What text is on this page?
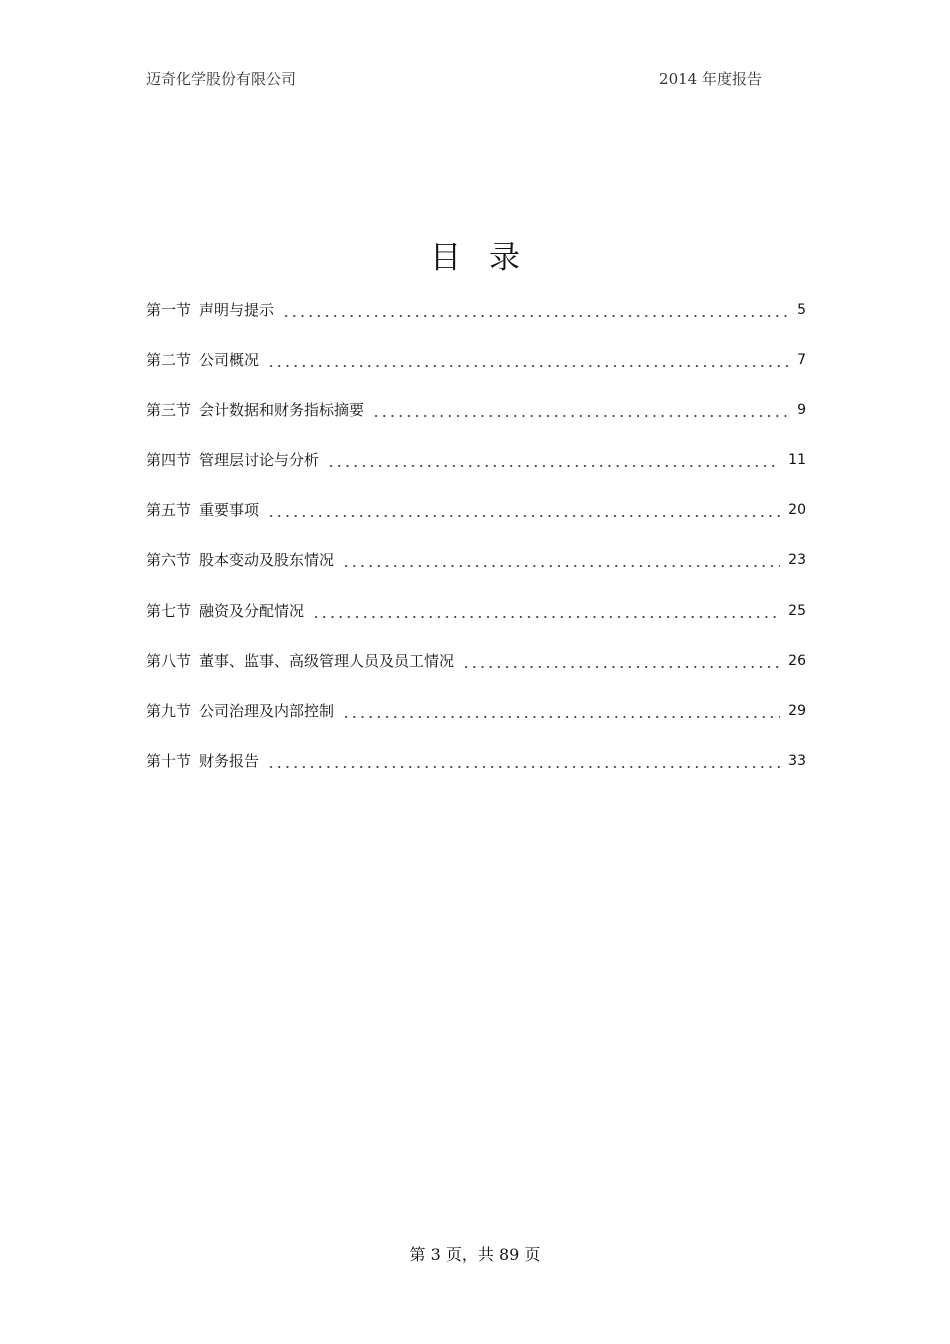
迈奇化学股份有限公司	2014 年度报告
目录
第一节 声明与提示	5
第二节 公司概况	7
第三节 会计数据和财务指标摘要	9
第四节 管理层讨论与分析	11
第五节 重要事项	20
第六节 股本变动及股东情况	23
第七节 融资及分配情况	25
第八节 董事、监事、高级管理人员及员工情况	26
第九节 公司治理及内部控制	29
第十节 财务报告	33
第 3 页，共 89 页
